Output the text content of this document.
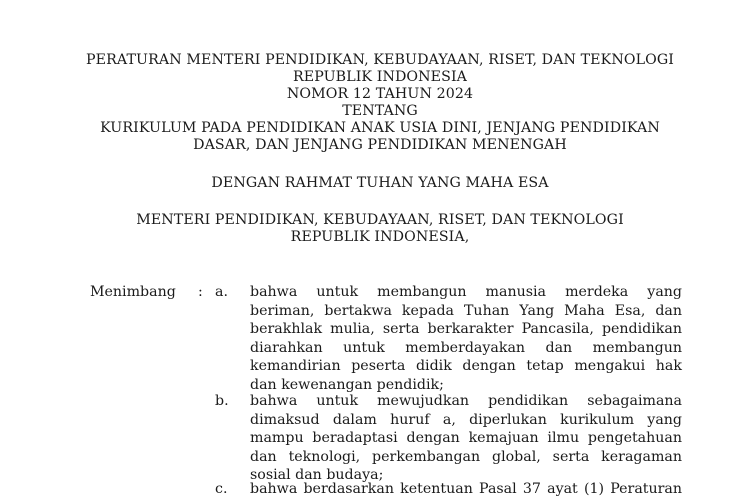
PERATURAN MENTERI PENDIDIKAN, KEBUDAYAAN, RISET, DAN TEKNOLOGI
REPUBLIK INDONESIA
NOMOR 12 TAHUN 2024
TENTANG
KURIKULUM PADA PENDIDIKAN ANAK USIA DINI, JENJANG PENDIDIKAN
DASAR, DAN JENJANG PENDIDIKAN MENENGAH
DENGAN RAHMAT TUHAN YANG MAHA ESA
MENTERI PENDIDIKAN, KEBUDAYAAN, RISET, DAN TEKNOLOGI
REPUBLIK INDONESIA,
Menimbang : a. bahwa untuk membangun manusia merdeka yang
beriman, bertakwa kepada Tuhan Yang Maha Esa, dan
berakhlak mulia, serta berkarakter Pancasila, pendidikan
diarahkan untuk memberdayakan dan membangun
kemandirian peserta didik dengan tetap mengakui hak
dan kewenangan pendidik;
b. bahwa untuk mewujudkan pendidikan sebagaimana
dimaksud dalam huruf a, diperlukan kurikulum yang
mampu beradaptasi dengan kemajuan ilmu pengetahuan
dan teknologi, perkembangan global, serta keragaman
sosial dan budaya;
c. bahwa berdasarkan ketentuan Pasal 37 ayat (1) Peraturan
